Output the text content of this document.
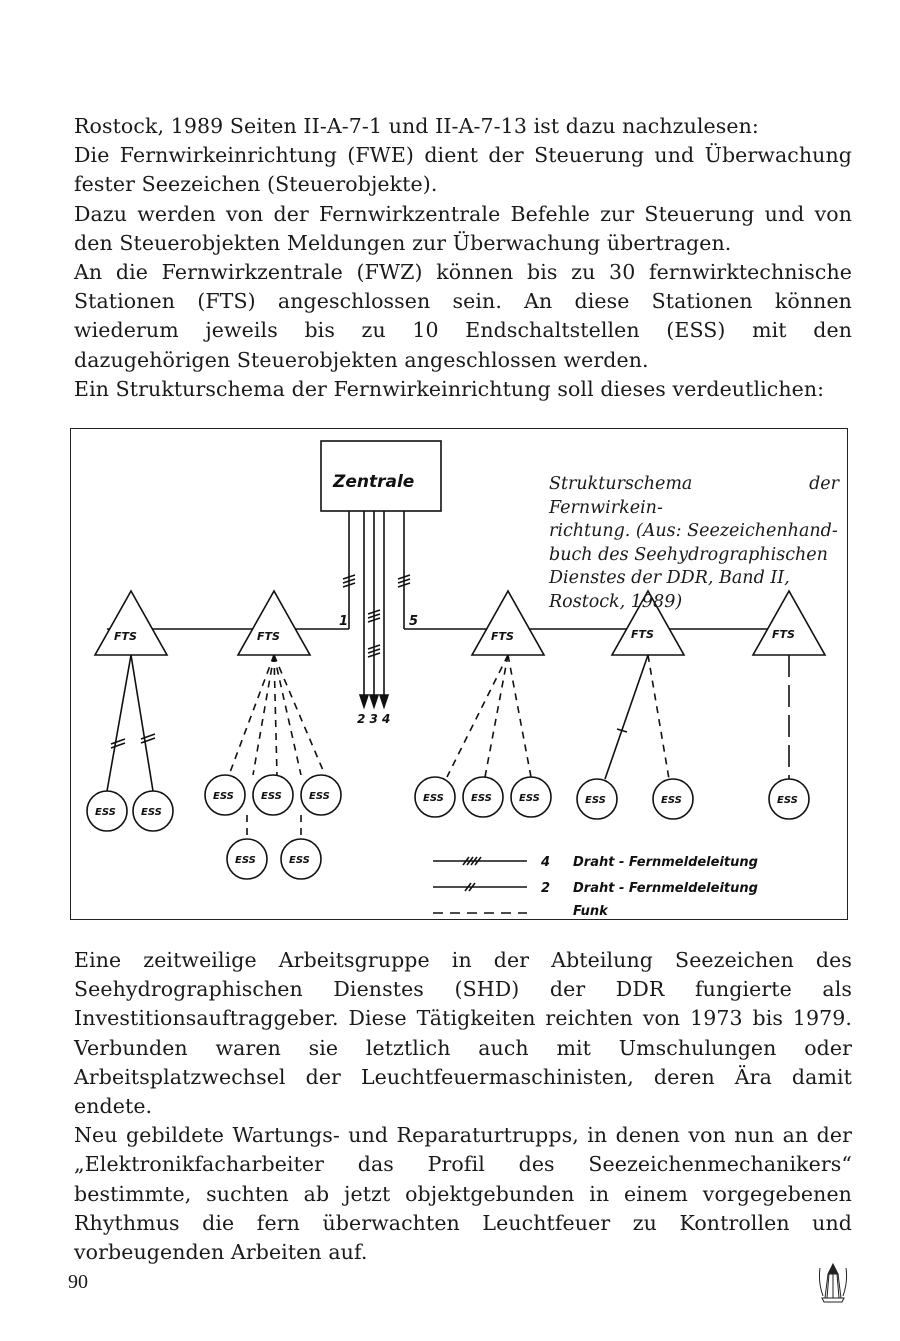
Rostock, 1989 Seiten II-A-7-1 und II-A-7-13 ist dazu nachzulesen:

Die Fernwirkeinrichtung (FWE) dient der Steuerung und Überwachung fester Seezeichen (Steuerobjekte).

Dazu werden von der Fernwirkzentrale Befehle zur Steuerung und von den Steuerobjekten Meldungen zur Überwachung übertragen.

An die Fernwirkzentrale (FWZ) können bis zu 30 fernwirktechnische Stationen (FTS) angeschlossen sein. An diese Stationen können wiederum jeweils bis zu 10 Endschaltstellen (ESS) mit den dazugehörigen Steuerobjekten angeschlossen werden.

Ein Strukturschema der Fernwirkeinrichtung soll dieses verdeutlichen:

Zentrale
FTS	FTS	FTS	FTS	FTS
1	5
2 3 4
ESS	ESS
ESS	ESS	ESS
ESS	ESS
ESS	ESS	ESS	ESS	ESS	ESS
4 Draht - Fernmeldeleitung
2 Draht - Fernmeldeleitung
Funk
Strukturschema der Fernwirkein-
richtung. (Aus: Seezeichenhand-
buch des Seehydrographischen
Dienstes der DDR, Band II,
Rostock, 1989)

Eine zeitweilige Arbeitsgruppe in der Abteilung Seezeichen des Seehydrographischen Dienstes (SHD) der DDR fungierte als Investitionsauftraggeber. Diese Tätigkeiten reichten von 1973 bis 1979. Verbunden waren sie letztlich auch mit Umschulungen oder Arbeitsplatzwechsel der Leuchtfeuermaschinisten, deren Ära damit endete.

Neu gebildete Wartungs- und Reparaturtrupps, in denen von nun an der „Elektronikfacharbeiter das Profil des Seezeichenmechanikers“ bestimmte, suchten ab jetzt objektgebunden in einem vorgegebenen Rhythmus die fern überwachten Leuchtfeuer zu Kontrollen und vorbeugenden Arbeiten auf.

90
